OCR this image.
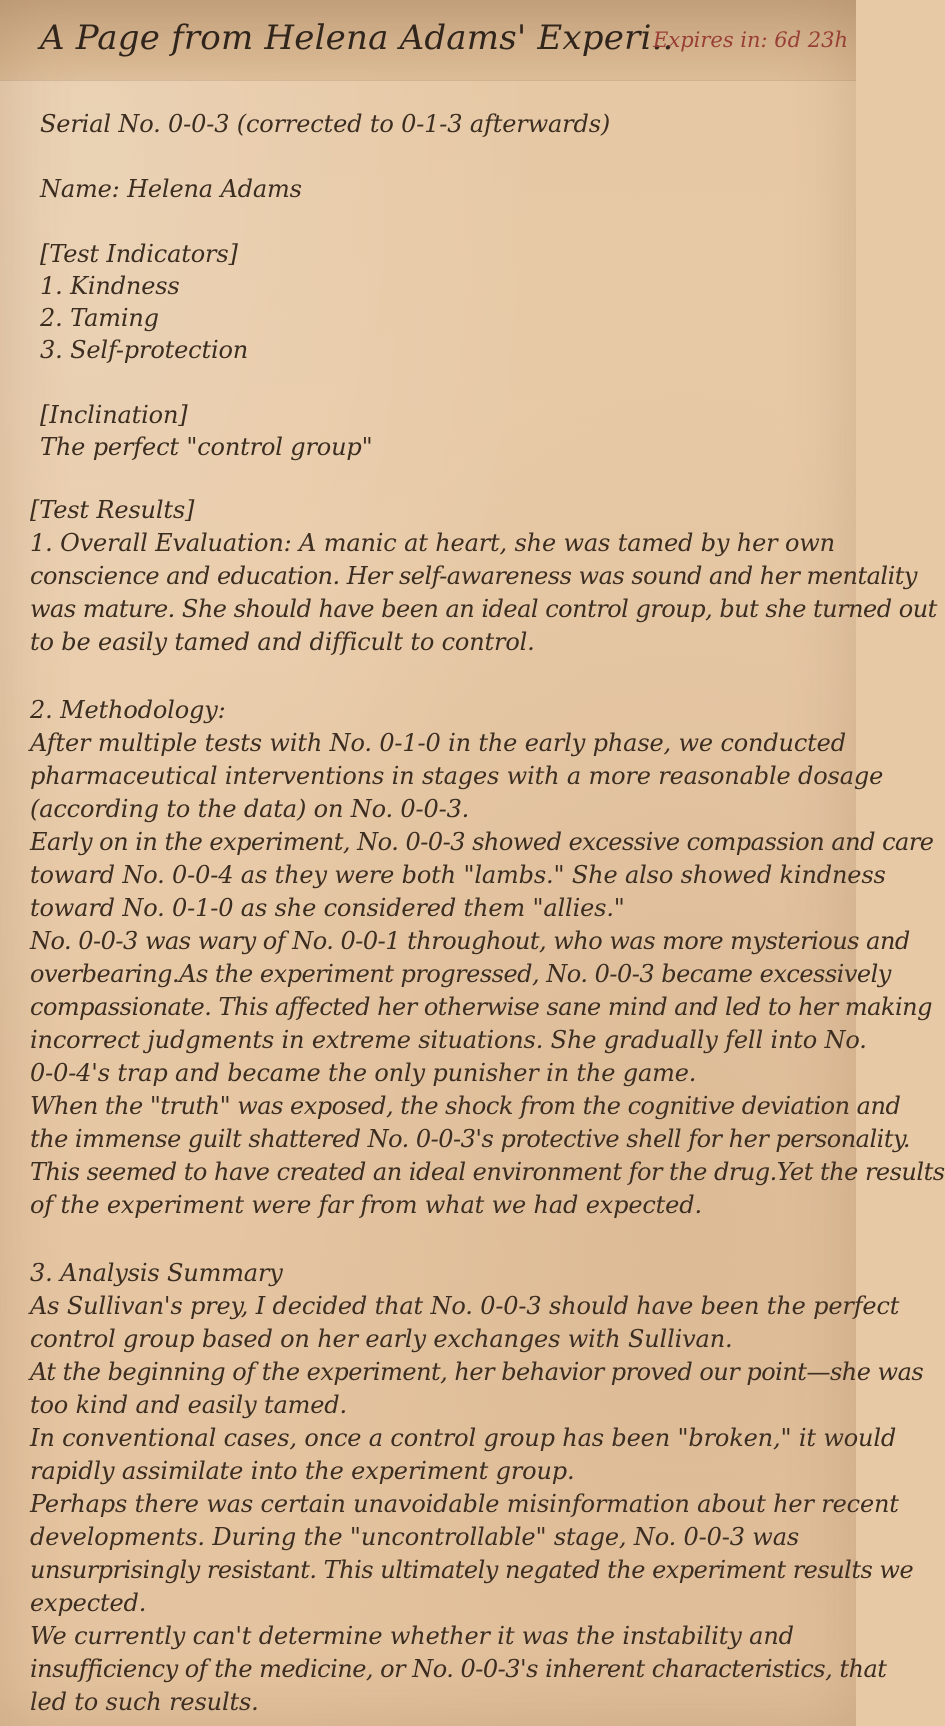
A Page from Helena Adams' Experi..
Expires in: 6d 23h
Serial No. 0-0-3 (corrected to 0-1-3 afterwards)
Name: Helena Adams
[Test Indicators]
1. Kindness
2. Taming
3. Self-protection
[Inclination]
The perfect "control group"
[Test Results]
1. Overall Evaluation: A manic at heart, she was tamed by her own
conscience and education. Her self-awareness was sound and her mentality
was mature. She should have been an ideal control group, but she turned out
to be easily tamed and difficult to control.
2. Methodology:
After multiple tests with No. 0-1-0 in the early phase, we conducted
pharmaceutical interventions in stages with a more reasonable dosage
(according to the data) on No. 0-0-3.
Early on in the experiment, No. 0-0-3 showed excessive compassion and care
toward No. 0-0-4 as they were both "lambs." She also showed kindness
toward No. 0-1-0 as she considered them "allies."
No. 0-0-3 was wary of No. 0-0-1 throughout, who was more mysterious and
overbearing.As the experiment progressed, No. 0-0-3 became excessively
compassionate. This affected her otherwise sane mind and led to her making
incorrect judgments in extreme situations. She gradually fell into No.
0-0-4's trap and became the only punisher in the game.
When the "truth" was exposed, the shock from the cognitive deviation and
the immense guilt shattered No. 0-0-3's protective shell for her personality.
This seemed to have created an ideal environment for the drug.Yet the results
of the experiment were far from what we had expected.
3. Analysis Summary
As Sullivan's prey, I decided that No. 0-0-3 should have been the perfect
control group based on her early exchanges with Sullivan.
At the beginning of the experiment, her behavior proved our point—she was
too kind and easily tamed.
In conventional cases, once a control group has been "broken," it would
rapidly assimilate into the experiment group.
Perhaps there was certain unavoidable misinformation about her recent
developments. During the "uncontrollable" stage, No. 0-0-3 was
unsurprisingly resistant. This ultimately negated the experiment results we
expected.
We currently can't determine whether it was the instability and
insufficiency of the medicine, or No. 0-0-3's inherent characteristics, that
led to such results.
